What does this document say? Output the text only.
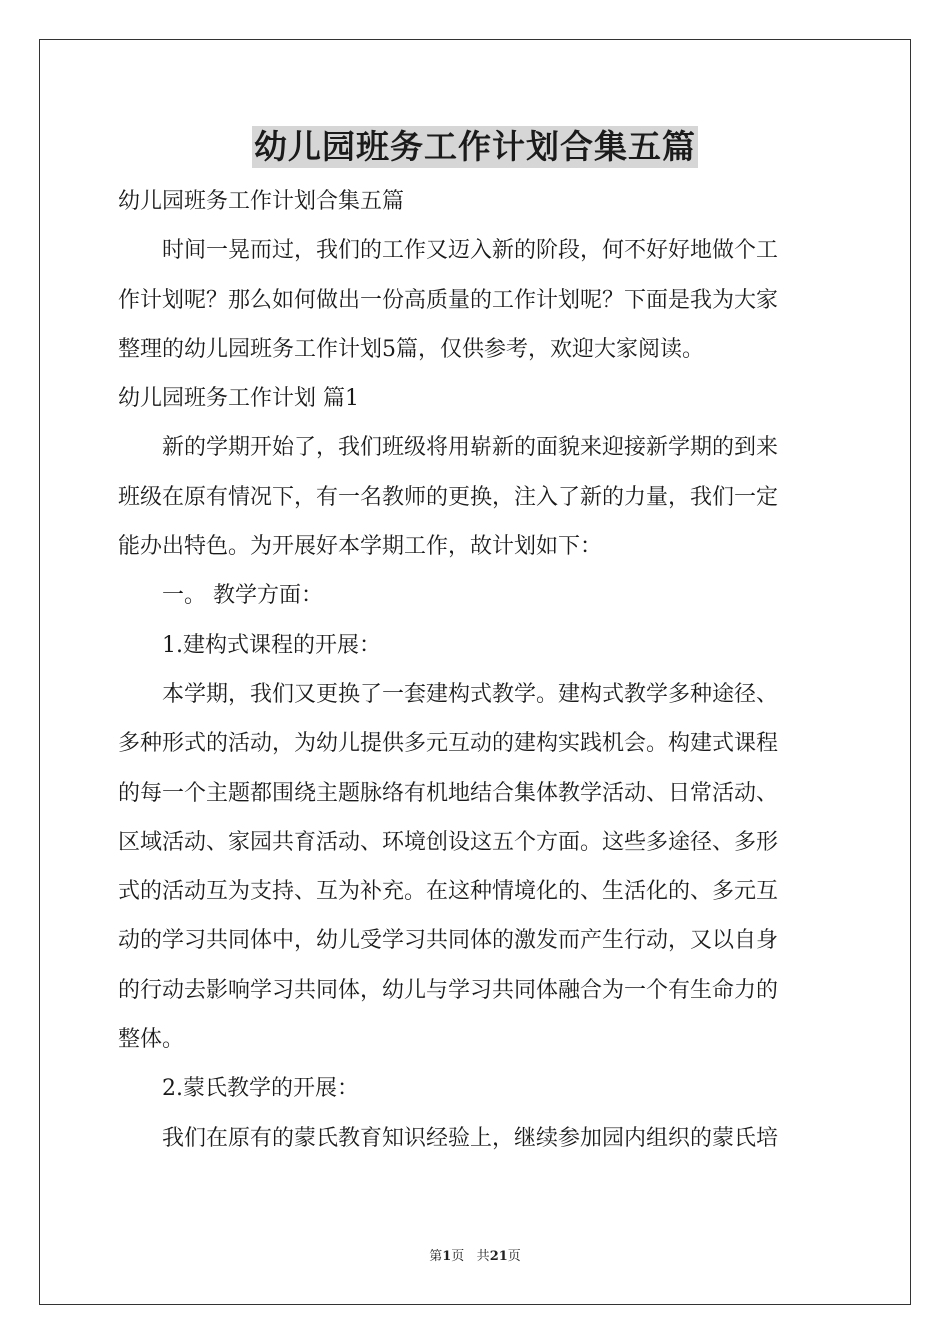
幼儿园班务工作计划合集五篇
幼儿园班务工作计划合集五篇
时间一晃而过，我们的工作又迈入新的阶段，何不好好地做个工
作计划呢？那么如何做出一份高质量的工作计划呢？下面是我为大家
整理的幼儿园班务工作计划5篇，仅供参考，欢迎大家阅读。
幼儿园班务工作计划 篇1
新的学期开始了，我们班级将用崭新的面貌来迎接新学期的到来
班级在原有情况下，有一名教师的更换，注入了新的力量，我们一定
能办出特色。为开展好本学期工作，故计划如下：
一。 教学方面：
1.建构式课程的开展：
本学期，我们又更换了一套建构式教学。建构式教学多种途径、
多种形式的活动，为幼儿提供多元互动的建构实践机会。构建式课程
的每一个主题都围绕主题脉络有机地结合集体教学活动、日常活动、
区域活动、家园共育活动、环境创设这五个方面。这些多途径、多形
式的活动互为支持、互为补充。在这种情境化的、生活化的、多元互
动的学习共同体中，幼儿受学习共同体的激发而产生行动，又以自身
的行动去影响学习共同体，幼儿与学习共同体融合为一个有生命力的
整体。
2.蒙氏教学的开展：
我们在原有的蒙氏教育知识经验上，继续参加园内组织的蒙氏培
第1页 共21页
